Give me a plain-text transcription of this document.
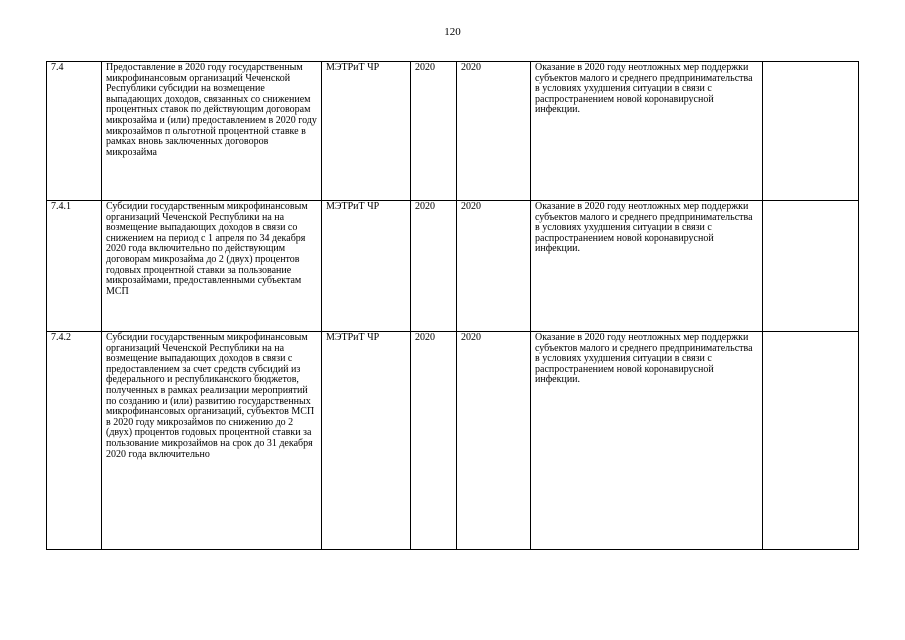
120
7.4	Предоставление в 2020 году государственным микрофинансовым организаций Чеченской Республики субсидии на возмещение выпадающих доходов, связанных со снижением процентных ставок по действующим договорам микрозайма и (или) предоставлением в 2020 году микрозаймов п ольготной процентной ставке в рамках вновь заключенных договоров микрозайма	МЭТРиТ ЧР	2020	2020	Оказание в 2020 году неотложных мер поддержки субъектов малого и среднего предпринимательства в условиях ухудшения ситуации в связи с распространением новой коронавирусной инфекции.	

7.4.1	Субсидии государственным микрофинансовым организаций Чеченской Республики на на возмещение выпадающих доходов в связи со снижением на период с 1 апреля по 34 декабря 2020 года включительно по действующим договорам микрозайма до 2 (двух) процентов годовых процентной ставки за пользование микрозаймами, предоставленными субъектам МСП	МЭТРиТ ЧР	2020	2020	Оказание в 2020 году неотложных мер поддержки субъектов малого и среднего предпринимательства в условиях ухудшения ситуации в связи с распространением новой коронавирусной инфекции.	

7.4.2	Субсидии государственным микрофинансовым организаций Чеченской Республики на на возмещение выпадающих доходов в связи с предоставлением за счет средств субсидий из федерального и республиканского бюджетов, полученных в рамках реализации мероприятий по созданию и (или) развитию государственных микрофинансовых организаций, субъектов МСП в 2020 году микрозаймов по снижению до 2 (двух) процентов годовых процентной ставки за пользование микрозаймов на срок до 31 декабря 2020 года включительно	МЭТРиТ ЧР	2020	2020	Оказание в 2020 году неотложных мер поддержки субъектов малого и среднего предпринимательства в условиях ухудшения ситуации в связи с распространением новой коронавирусной инфекции.	
